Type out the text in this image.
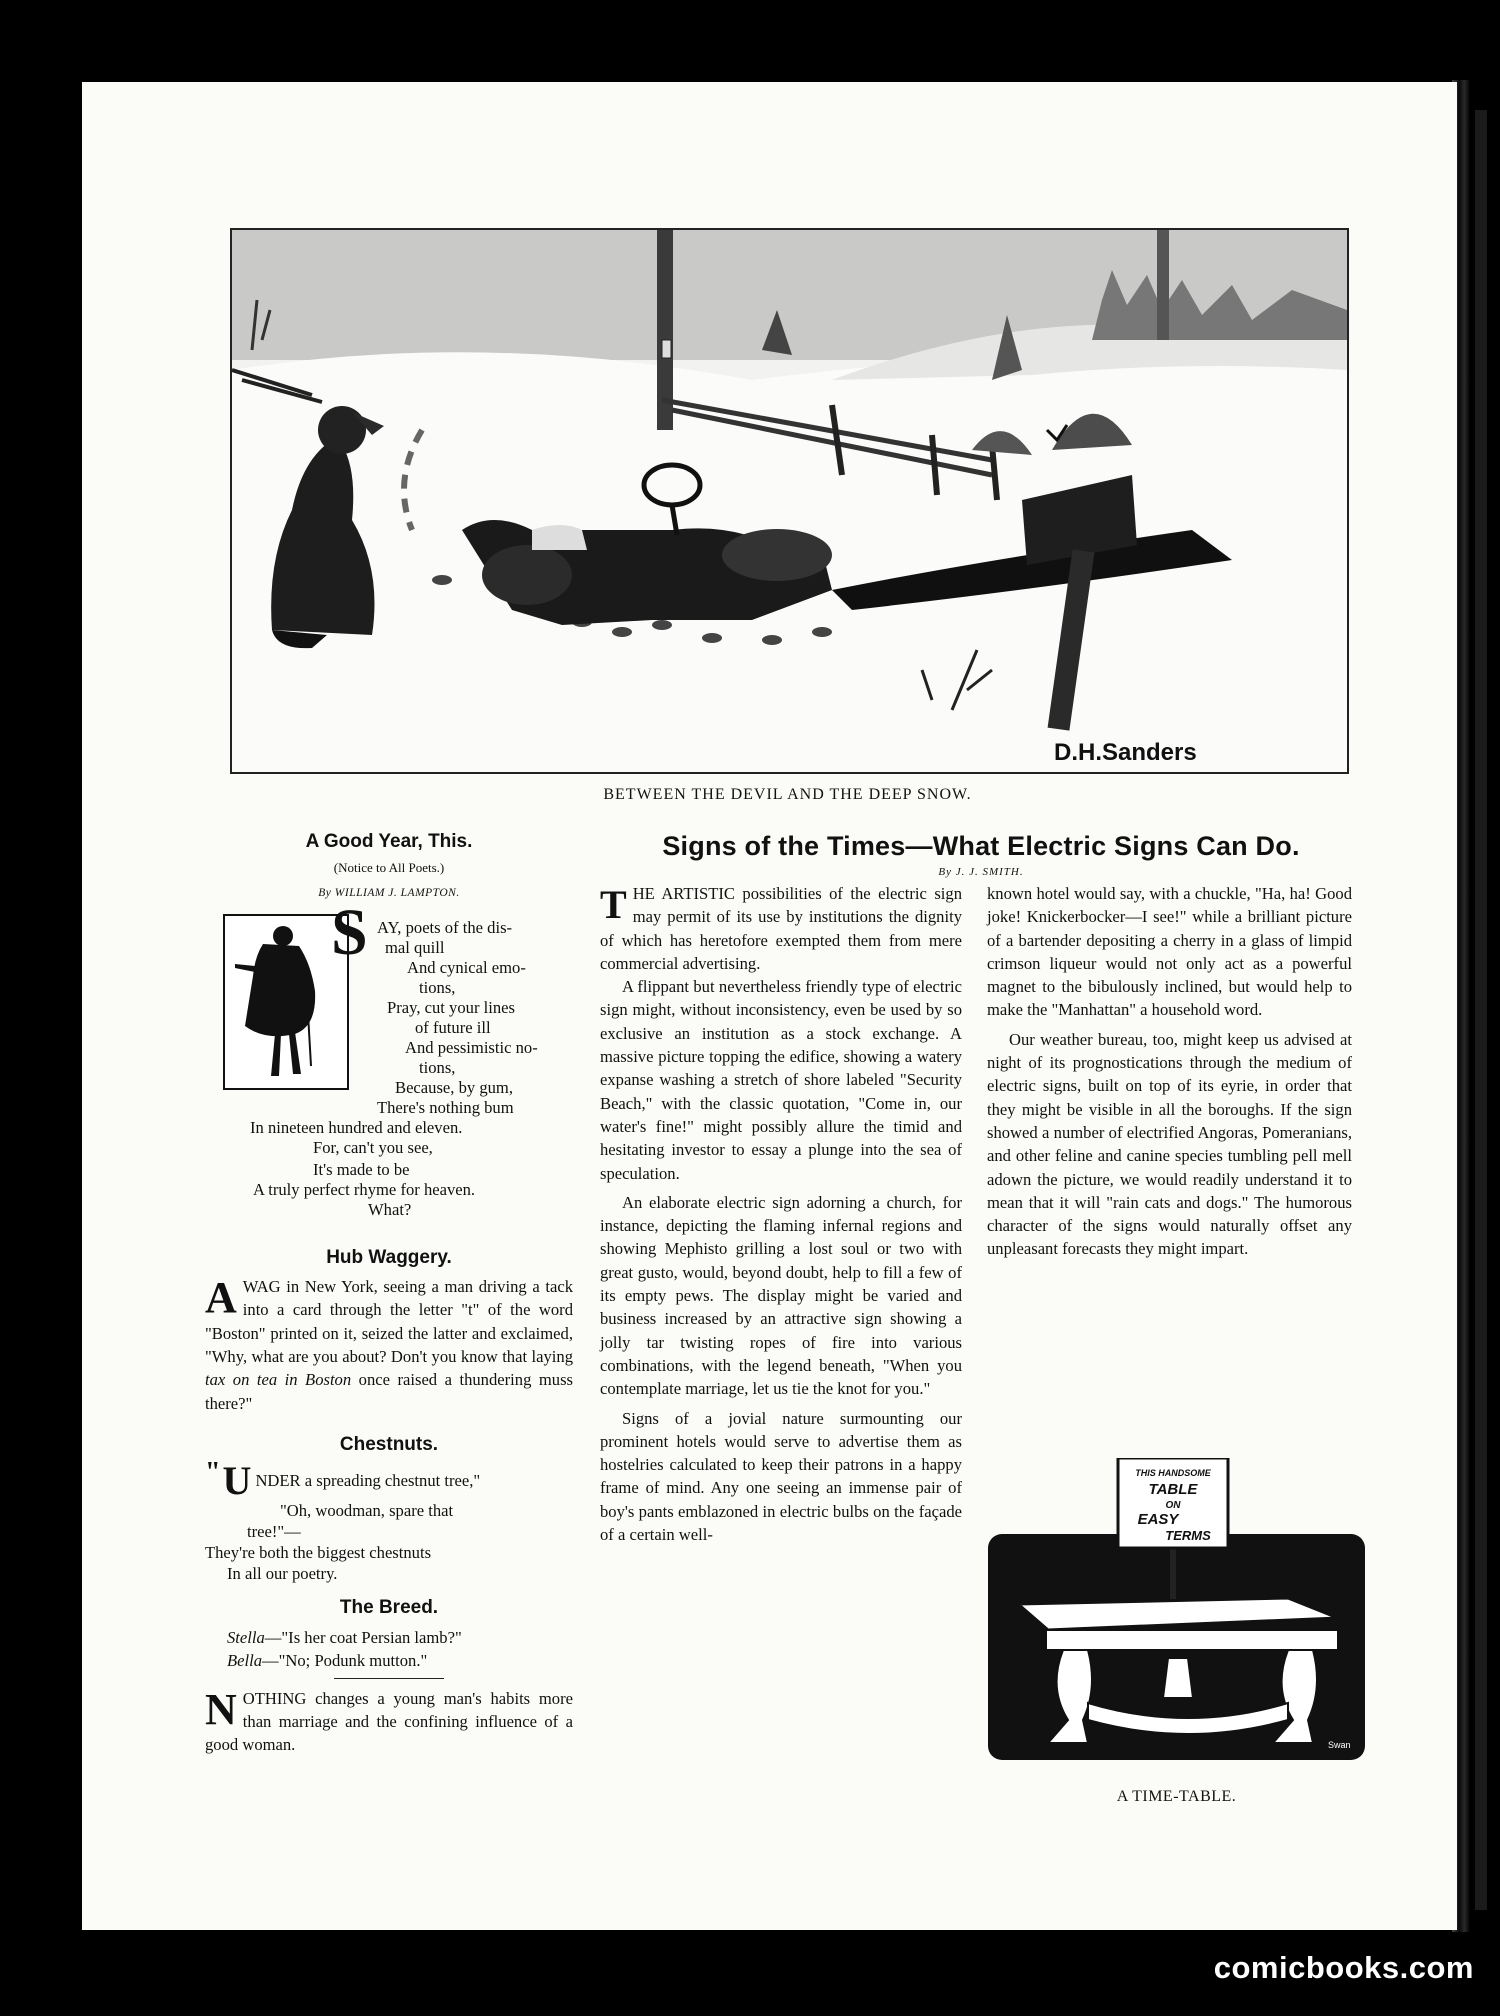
D.H.Sanders
BETWEEN THE DEVIL AND THE DEEP SNOW.
A Good Year, This.
(Notice to All Poets.)
By WILLIAM J. LAMPTON.
S AY, poets of the dis-
mal quill
And cynical emo-
tions,
Pray, cut your lines
of future ill
And pessimistic no-
tions,
Because, by gum,
There's nothing bum
In nineteen hundred and eleven.
For, can't you see,
It's made to be
A truly perfect rhyme for heaven.
What?
Hub Waggery.

AWAG in New York, seeing a man driving a tack into a card through the letter "t" of the word "Boston" printed on it, seized the latter and exclaimed, "Why, what are you about? Don't you know that laying tax on tea in Boston once raised a thundering muss there?"

Chestnuts.
"U NDER a spreading chestnut tree,"
"Oh, woodman, spare that
tree!"—
They're both the biggest chestnuts
In all our poetry.
The Breed.
Stella—"Is her coat Persian lamb?"
Bella—"No; Podunk mutton."

NOTHING changes a young man's habits more than marriage and the confining influence of a good woman.

Signs of the Times—What Electric Signs Can Do.
By J. J. SMITH.

THE ARTISTIC possibilities of the electric sign may permit of its use by institutions the dignity of which has heretofore exempted them from mere commercial advertising.

A flippant but nevertheless friendly type of electric sign might, without inconsistency, even be used by so exclusive an institution as a stock exchange. A massive picture topping the edifice, showing a watery expanse washing a stretch of shore labeled "Security Beach," with the classic quotation, "Come in, our water's fine!" might possibly allure the timid and hesitating investor to essay a plunge into the sea of speculation.

An elaborate electric sign adorning a church, for instance, depicting the flaming infernal regions and showing Mephisto grilling a lost soul or two with great gusto, would, beyond doubt, help to fill a few of its empty pews. The display might be varied and business increased by an attractive sign showing a jolly tar twisting ropes of fire into various combinations, with the legend beneath, "When you contemplate marriage, let us tie the knot for you."

Signs of a jovial nature surmounting our prominent hotels would serve to advertise them as hostelries calculated to keep their patrons in a happy frame of mind. Any one seeing an immense pair of boy's pants emblazoned in electric bulbs on the façade of a certain well-

known hotel would say, with a chuckle, "Ha, ha! Good joke! Knickerbocker—I see!" while a brilliant picture of a bartender depositing a cherry in a glass of limpid crimson liqueur would not only act as a powerful magnet to the bibulously inclined, but would help to make the "Manhattan" a household word.

Our weather bureau, too, might keep us advised at night of its prognostications through the medium of electric signs, built on top of its eyrie, in order that they might be visible in all the boroughs. If the sign showed a number of electrified Angoras, Pomeranians, and other feline and canine species tumbling pell mell adown the picture, we would readily understand it to mean that it will "rain cats and dogs." The humorous character of the signs would naturally offset any unpleasant forecasts they might impart.

THIS HANDSOME
TABLE
ON
EASY
TERMS
Swan
A TIME-TABLE.
comicbooks.com
